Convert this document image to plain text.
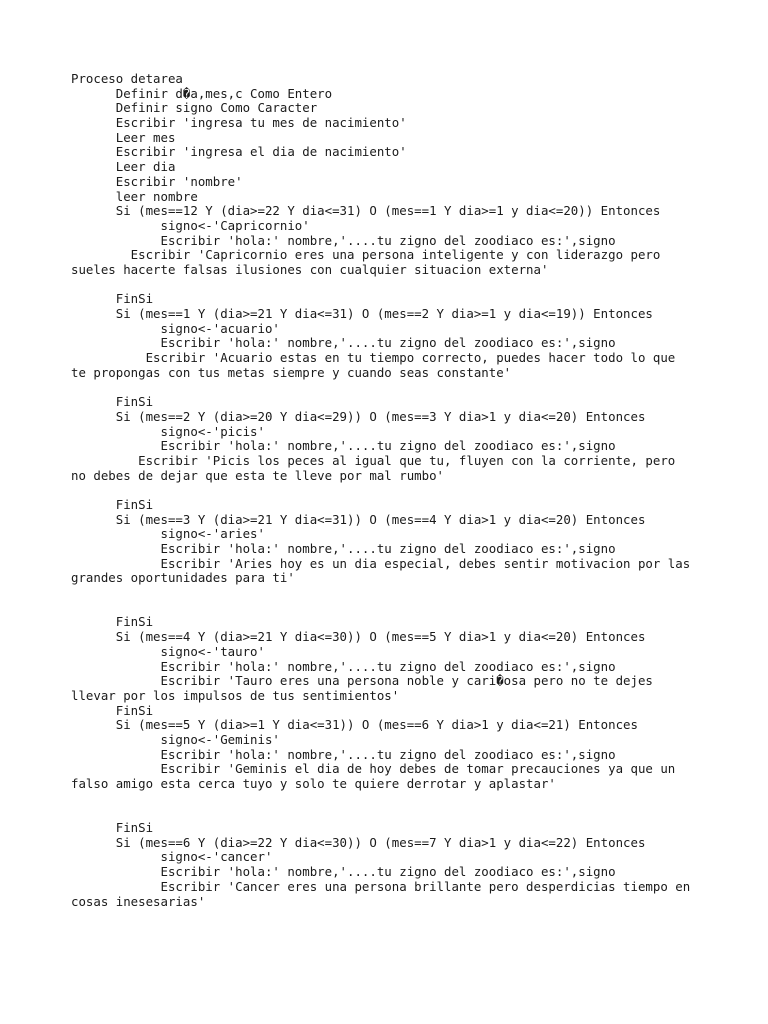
Proceso detarea
Definir d�a,mes,c Como Entero
Definir signo Como Caracter
Escribir 'ingresa tu mes de nacimiento'
Leer mes
Escribir 'ingresa el dia de nacimiento'
Leer dia
Escribir 'nombre'
leer nombre
Si (mes==12 Y (dia>=22 Y dia<=31) O (mes==1 Y dia>=1 y dia<=20)) Entonces
signo<-'Capricornio'
Escribir 'hola:' nombre,'....tu zigno del zoodiaco es:',signo
Escribir 'Capricornio eres una persona inteligente y con liderazgo pero
sueles hacerte falsas ilusiones con cualquier situacion externa'
FinSi
Si (mes==1 Y (dia>=21 Y dia<=31) O (mes==2 Y dia>=1 y dia<=19)) Entonces
signo<-'acuario'
Escribir 'hola:' nombre,'....tu zigno del zoodiaco es:',signo
Escribir 'Acuario estas en tu tiempo correcto, puedes hacer todo lo que
te propongas con tus metas siempre y cuando seas constante'
FinSi
Si (mes==2 Y (dia>=20 Y dia<=29)) O (mes==3 Y dia>1 y dia<=20) Entonces
signo<-'picis'
Escribir 'hola:' nombre,'....tu zigno del zoodiaco es:',signo
Escribir 'Picis los peces al igual que tu, fluyen con la corriente, pero
no debes de dejar que esta te lleve por mal rumbo'
FinSi
Si (mes==3 Y (dia>=21 Y dia<=31)) O (mes==4 Y dia>1 y dia<=20) Entonces
signo<-'aries'
Escribir 'hola:' nombre,'....tu zigno del zoodiaco es:',signo
Escribir 'Aries hoy es un dia especial, debes sentir motivacion por las
grandes oportunidades para ti'
FinSi
Si (mes==4 Y (dia>=21 Y dia<=30)) O (mes==5 Y dia>1 y dia<=20) Entonces
signo<-'tauro'
Escribir 'hola:' nombre,'....tu zigno del zoodiaco es:',signo
Escribir 'Tauro eres una persona noble y cari�osa pero no te dejes
llevar por los impulsos de tus sentimientos'
FinSi
Si (mes==5 Y (dia>=1 Y dia<=31)) O (mes==6 Y dia>1 y dia<=21) Entonces
signo<-'Geminis'
Escribir 'hola:' nombre,'....tu zigno del zoodiaco es:',signo
Escribir 'Geminis el dia de hoy debes de tomar precauciones ya que un
falso amigo esta cerca tuyo y solo te quiere derrotar y aplastar'
FinSi
Si (mes==6 Y (dia>=22 Y dia<=30)) O (mes==7 Y dia>1 y dia<=22) Entonces
signo<-'cancer'
Escribir 'hola:' nombre,'....tu zigno del zoodiaco es:',signo
Escribir 'Cancer eres una persona brillante pero desperdicias tiempo en
cosas inesesarias'
